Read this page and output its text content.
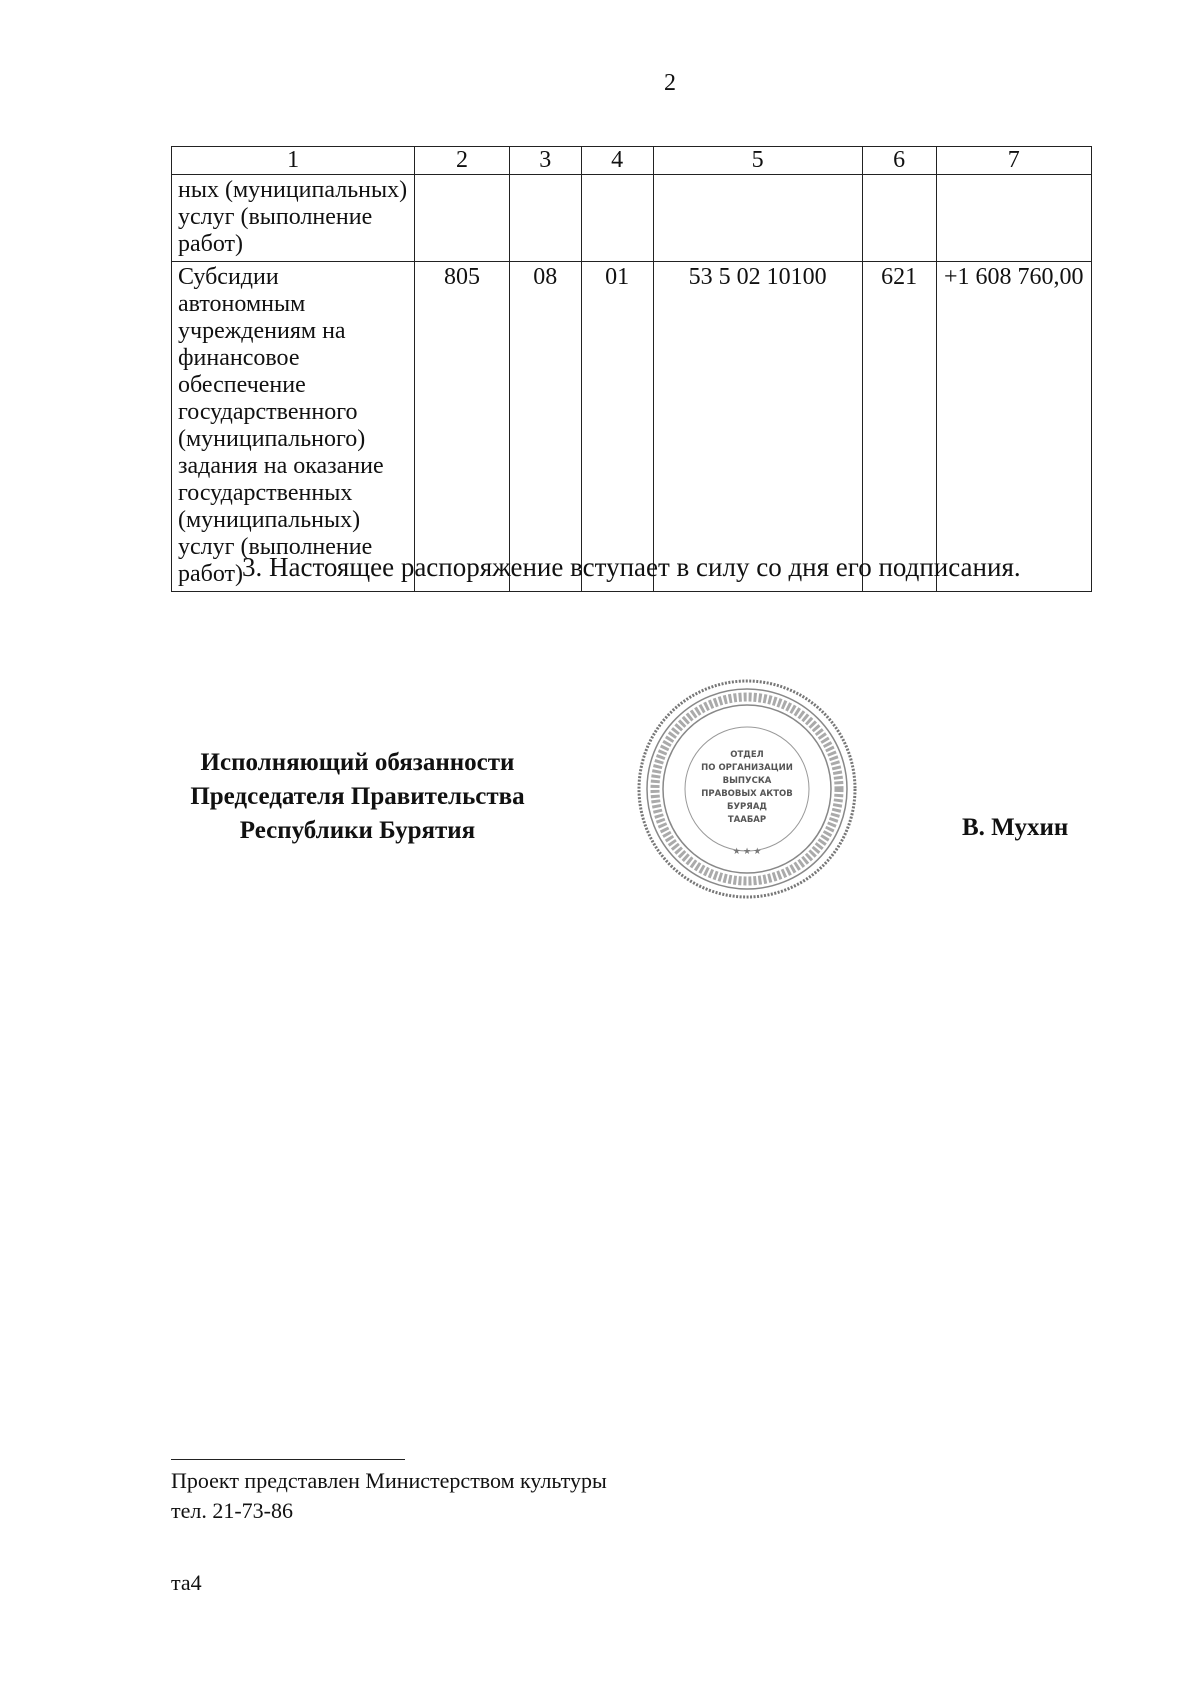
2
1	2	3	4	5	6	7
ных (муниципальных) услуг (выполнение работ)						
Субсидии автономным учреждениям на финансовое обеспечение государственного (муниципального) задания на оказание государственных (муниципальных) услуг (выполнение работ)	805	08	01	53 5 02 10100	621	+1 608 760,00
3. Настоящее распоряжение вступает в силу со дня его подписания.
Исполняющий обязанности
Председателя Правительства
Республики Бурятия
ОТДЕЛ
ПО ОРГАНИЗАЦИИ
ВЫПУСКА
ПРАВОВЫХ АКТОВ
БУРЯАД
ТААБАР
★ ★ ★
В. Мухин
Проект представлен Министерством культуры
тел. 21-73-86
та4
